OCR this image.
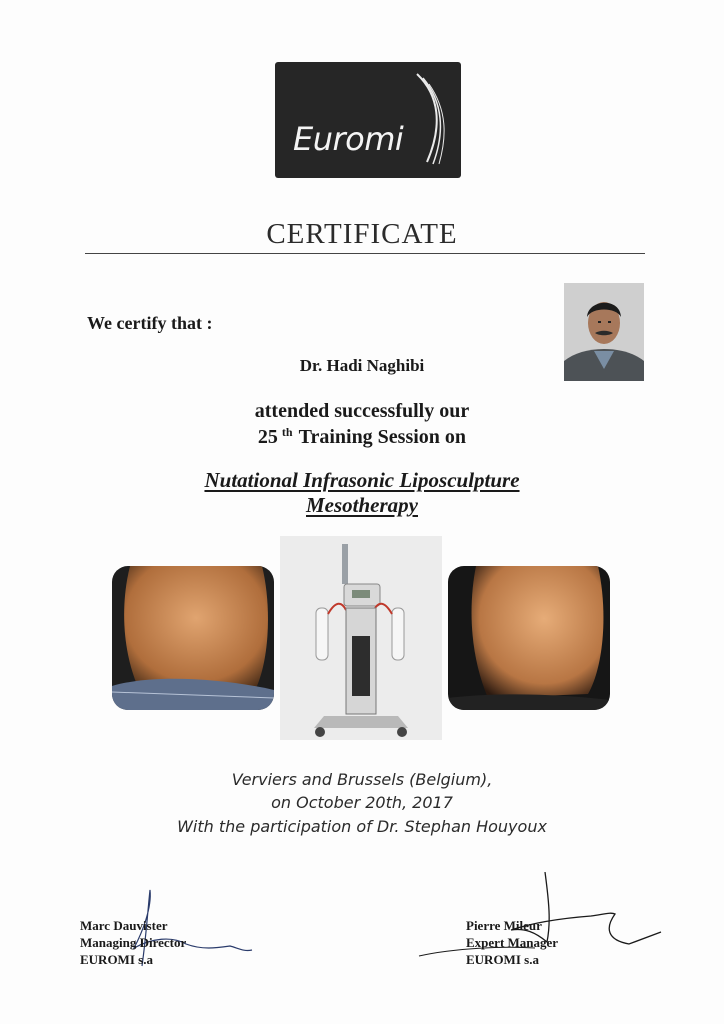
Euromi
CERTIFICATE
We certify that :
Dr. Hadi Naghibi
attended successfully our
25 $^{th}$ Training Session on
Nutational Infrasonic Liposculpture
Mesotherapy
Verviers and Brussels (Belgium),
on October 20th, 2017
With the participation of Dr. Stephan Houyoux
Marc Dauvister
Managing Director
EUROMI s.a
Pierre Mileur
Expert Manager
EUROMI s.a
